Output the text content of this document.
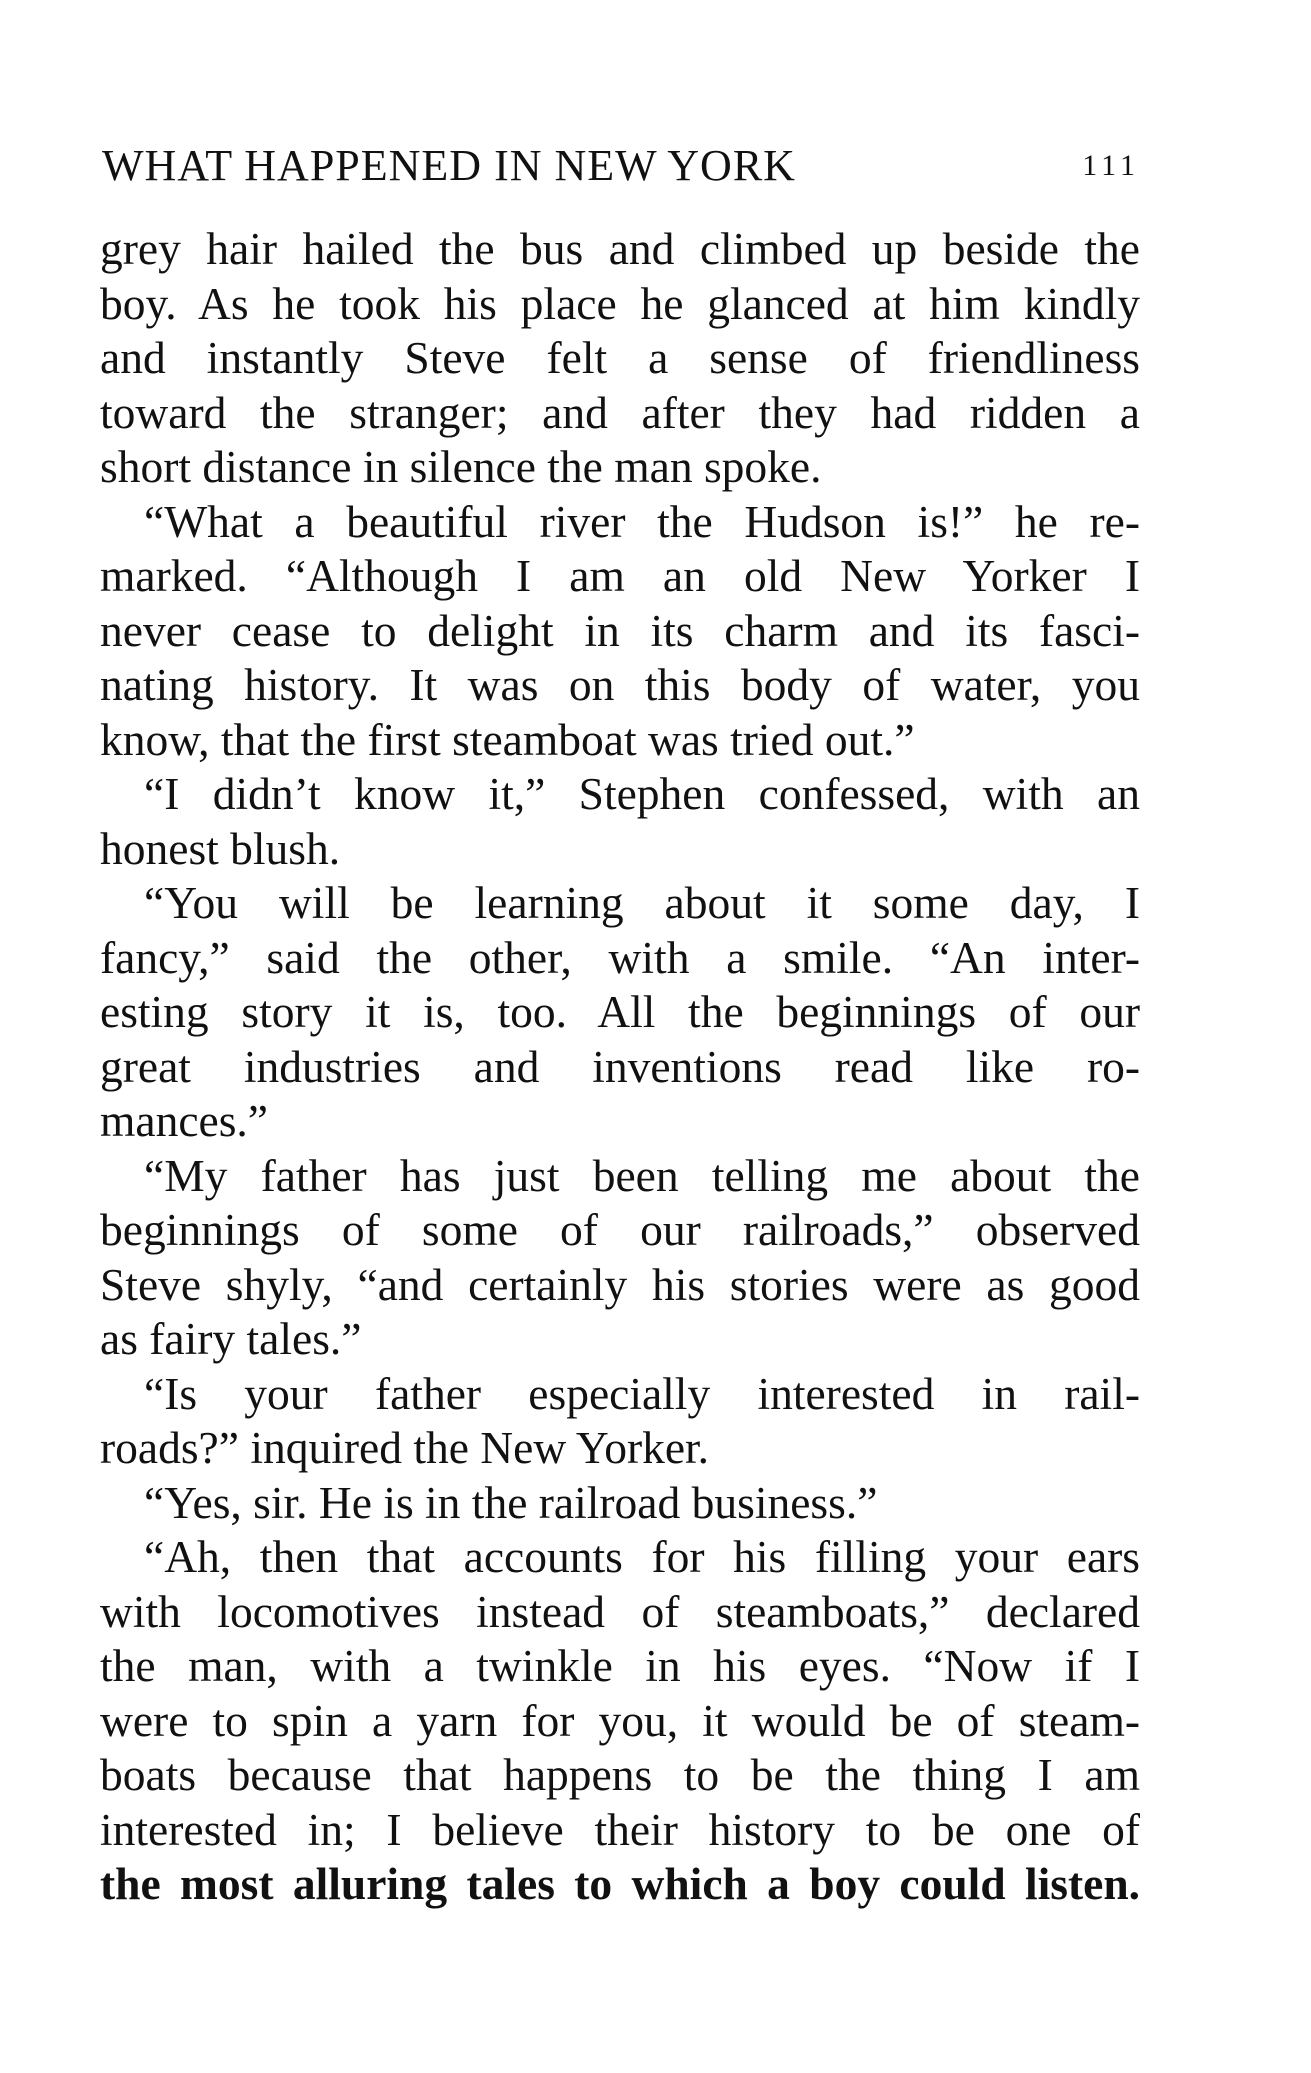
WHAT HAPPENED IN NEW YORK	111
grey hair hailed the bus and climbed up beside the
boy. As he took his place he glanced at him kindly
and instantly Steve felt a sense of friendliness
toward the stranger; and after they had ridden a
short distance in silence the man spoke.
“What a beautiful river the Hudson is!” he re-
marked. “Although I am an old New Yorker I
never cease to delight in its charm and its fasci-
nating history. It was on this body of water, you
know, that the first steamboat was tried out.”
“I didn’t know it,” Stephen confessed, with an
honest blush.
“You will be learning about it some day, I
fancy,” said the other, with a smile. “An inter-
esting story it is, too. All the beginnings of our
great industries and inventions read like ro-
mances.”
“My father has just been telling me about the
beginnings of some of our railroads,” observed
Steve shyly, “and certainly his stories were as good
as fairy tales.”
“Is your father especially interested in rail-
roads?” inquired the New Yorker.
“Yes, sir. He is in the railroad business.”
“Ah, then that accounts for his filling your ears
with locomotives instead of steamboats,” declared
the man, with a twinkle in his eyes. “Now if I
were to spin a yarn for you, it would be of steam-
boats because that happens to be the thing I am
interested in; I believe their history to be one of
the most alluring tales to which a boy could listen.
